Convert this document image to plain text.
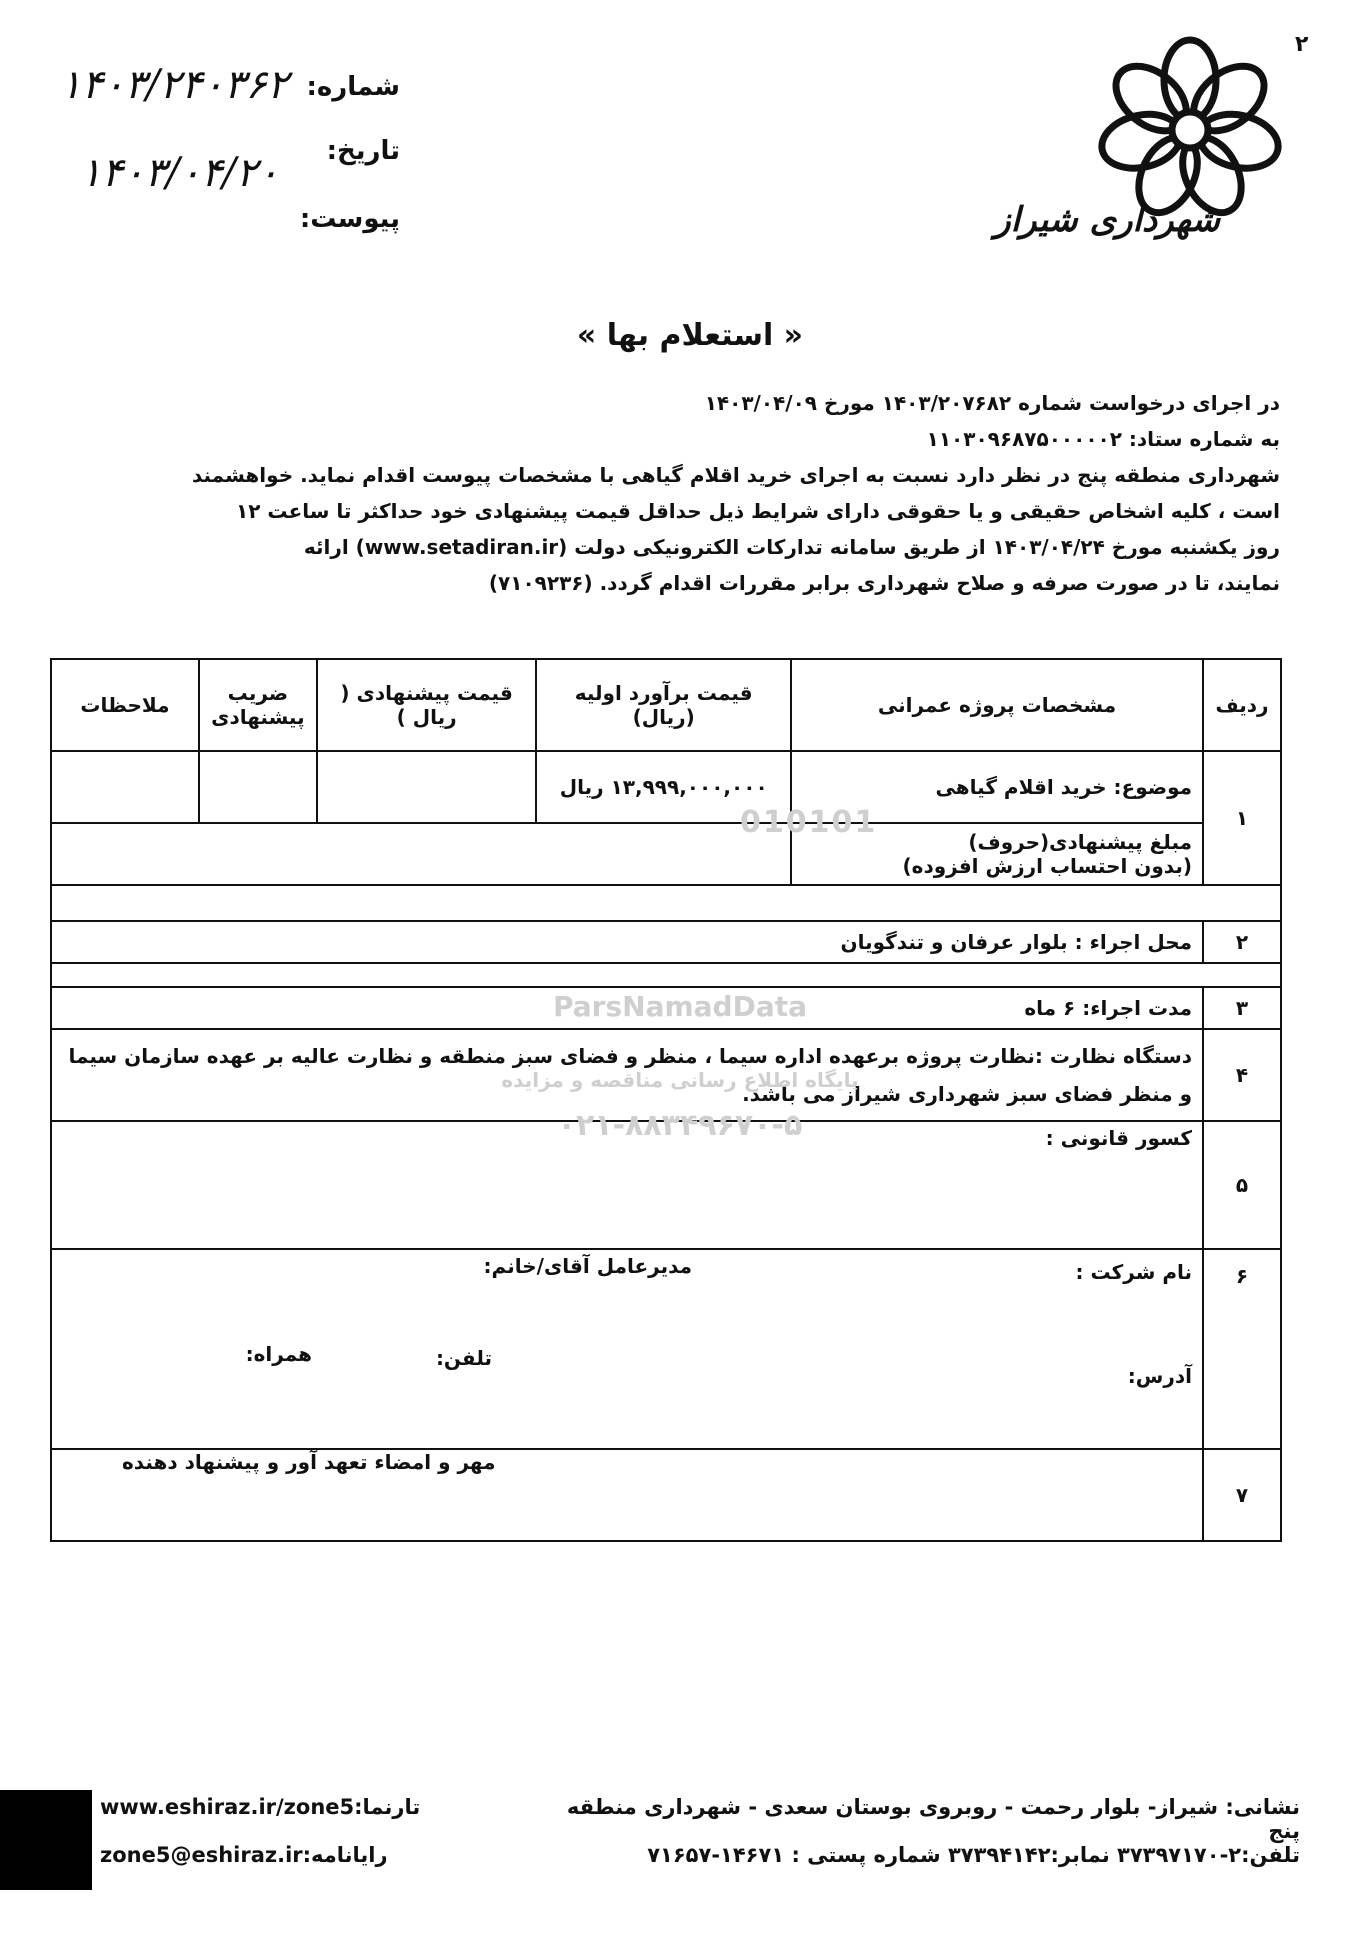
شماره:
۱۴۰۳/۲۴۰۳۶۲
تاریخ:
۱۴۰۳/۰۴/۲۰
پیوست:	شهرداری شیراز
۲
« استعلام بها »
در اجرای درخواست شماره ۱۴۰۳/۲۰۷۶۸۲ مورخ ۱۴۰۳/۰۴/۰۹
به شماره ستاد: ۱۱۰۳۰۹۶۸۷۵۰۰۰۰۰۲
شهرداری منطقه پنج در نظر دارد نسبت به اجرای خرید اقلام گیاهی با مشخصات پیوست اقدام نماید. خواهشمند
است ، کلیه اشخاص حقیقی و یا حقوقی دارای شرایط ذیل حداقل قیمت پیشنهادی خود حداکثر تا ساعت ۱۲
روز یکشنبه مورخ ۱۴۰۳/۰۴/۲۴ از طریق سامانه تدارکات الکترونیکی دولت (www.setadiran.ir) ارائه
نمایند، تا در صورت صرفه و صلاح شهرداری برابر مقررات اقدام گردد. (۷۱۰۹۲۳۶)
ردیف	مشخصات پروژه عمرانی	قیمت برآورد اولیه (ریال)	قیمت پیشنهادی ( ریال )	ضریب پیشنهادی	ملاحظات
۱	موضوع: خرید اقلام گیاهی	۱۳,۹۹۹,۰۰۰,۰۰۰ ریال			

	مبلغ پیشنهادی(حروف)
(بدون احتساب ارزش افزوده)				

۲	محل اجراء : بلوار عرفان و تندگویان				

۳	مدت اجراء: ۶ ماه				
۴	دستگاه نظارت :نظارت پروژه برعهده اداره سیما ، منظر و فضای سبز منطقه و نظارت عالیه بر عهده سازمان سیما و منظر فضای سبز شهرداری شیراز می باشد.				
۵	کسور قانونی :				
۶	نام شرکت :
مدیرعامل آقای/خانم:
آدرس:
تلفن:
همراه:				

۷	مهر و امضاء تعهد آور و پیشنهاد دهنده				
ParsNamadData
پایگاه اطلاع رسانی مناقصه و مزایده
۰۲۱-۸۸۳۴۹۶۷۰-۵
010101
نشانی: شیراز- بلوار رحمت - روبروی بوستان سعدی - شهرداری منطقه پنج
تلفن:۲-۳۷۳۹۷۱۷۰ نمابر:۳۷۳۹۴۱۴۲ شماره پستی : ۱۴۶۷۱-۷۱۶۵۷
www.eshiraz.ir/zone5:تارنما
zone5@eshiraz.ir:رایانامه
